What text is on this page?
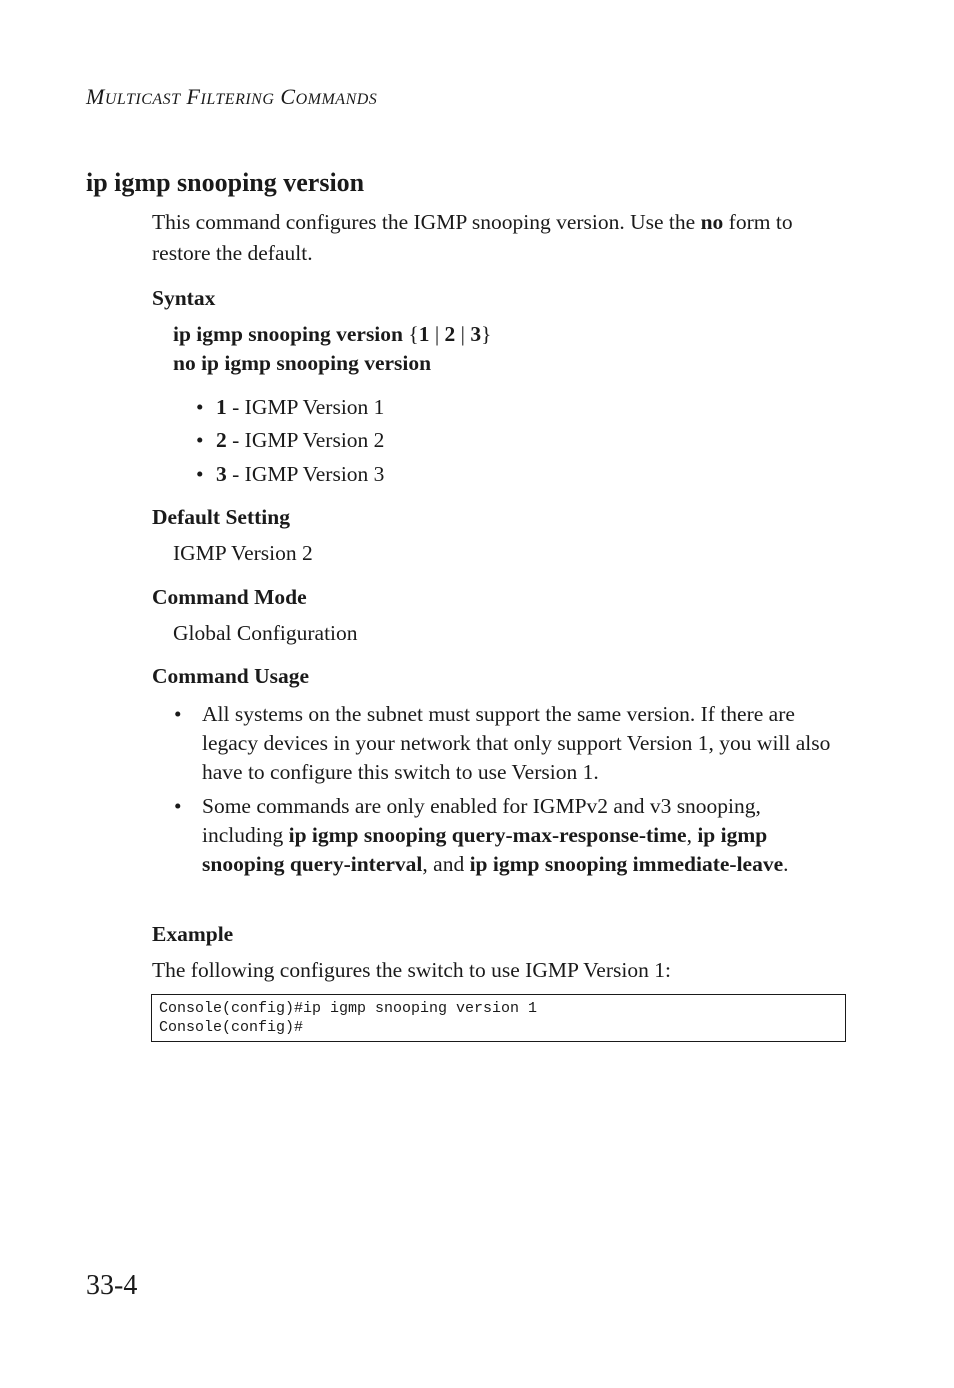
MULTICAST FILTERING COMMANDS
ip igmp snooping version
This command configures the IGMP snooping version. Use the no form to restore the default.
Syntax
ip igmp snooping version {1 | 2 | 3}
no ip igmp snooping version
• 1 - IGMP Version 1
• 2 - IGMP Version 2
• 3 - IGMP Version 3
Default Setting
IGMP Version 2
Command Mode
Global Configuration
Command Usage
• All systems on the subnet must support the same version. If there are legacy devices in your network that only support Version 1, you will also have to configure this switch to use Version 1.
• Some commands are only enabled for IGMPv2 and v3 snooping, including ip igmp snooping query-max-response-time, ip igmp snooping query-interval, and ip igmp snooping immediate-leave.
Example
The following configures the switch to use IGMP Version 1:
Console(config)#ip igmp snooping version 1
Console(config)#
33-4
